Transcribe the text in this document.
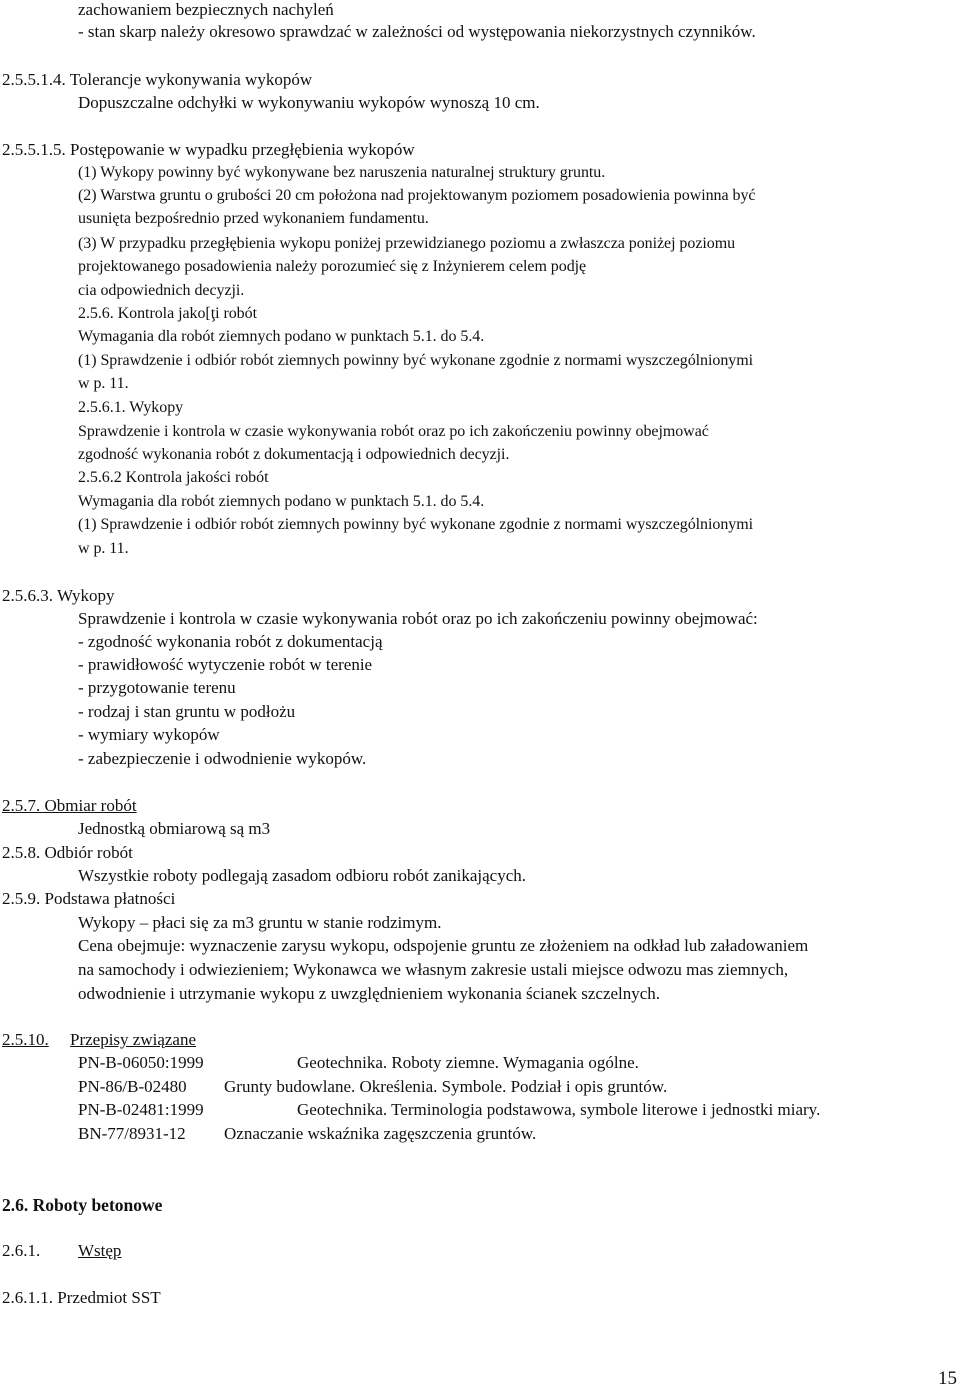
zachowaniem bezpiecznych nachyleń
- stan skarp należy okresowo sprawdzać w zależności od występowania niekorzystnych czynników.
2.5.5.1.4. Tolerancje wykonywania wykopów
Dopuszczalne odchyłki w wykonywaniu wykopów wynoszą 10 cm.
2.5.5.1.5. Postępowanie w wypadku przegłębienia wykopów
(1) Wykopy powinny być wykonywane bez naruszenia naturalnej struktury gruntu.
(2) Warstwa gruntu o grubości 20 cm położona nad projektowanym poziomem posadowienia powinna być
usunięta bezpośrednio przed wykonaniem fundamentu.
(3) W przypadku przegłębienia wykopu poniżej przewidzianego poziomu a zwłaszcza poniżej poziomu
projektowanego posadowienia należy porozumieć się z Inżynierem celem podję
cia odpowiednich decyzji.
2.5.6. Kontrola jako[ţi robót
Wymagania dla robót ziemnych podano w punktach 5.1. do 5.4.
(1) Sprawdzenie i odbiór robót ziemnych powinny być wykonane zgodnie z normami wyszczególnionymi
w p. 11.
2.5.6.1. Wykopy
Sprawdzenie i kontrola w czasie wykonywania robót oraz po ich zakończeniu powinny obejmować
zgodność wykonania robót z dokumentacją i odpowiednich decyzji.
2.5.6.2 Kontrola jakości robót
Wymagania dla robót ziemnych podano w punktach 5.1. do 5.4.
(1) Sprawdzenie i odbiór robót ziemnych powinny być wykonane zgodnie z normami wyszczególnionymi
w p. 11.
2.5.6.3. Wykopy
Sprawdzenie i kontrola w czasie wykonywania robót oraz po ich zakończeniu powinny obejmować:
- zgodność wykonania robót z dokumentacją
- prawidłowość wytyczenie robót w terenie
- przygotowanie terenu
- rodzaj i stan gruntu w podłożu
- wymiary wykopów
- zabezpieczenie i odwodnienie wykopów.
2.5.7. Obmiar robót
Jednostką obmiarową są m3
2.5.8. Odbiór robót
Wszystkie roboty podlegają zasadom odbioru robót zanikających.
2.5.9. Podstawa płatności
Wykopy – płaci się za m3 gruntu w stanie rodzimym.
Cena obejmuje: wyznaczenie zarysu wykopu, odspojenie gruntu ze złożeniem na odkład lub załadowaniem
na samochody i odwiezieniem; Wykonawca we własnym zakresie ustali miejsce odwozu mas ziemnych,
odwodnienie i utrzymanie wykopu z uwzględnieniem wykonania ścianek szczelnych.
2.5.10. Przepisy związane
PN-B-06050:1999	Geotechnika. Roboty ziemne. Wymagania ogólne.
PN-86/B-02480 Grunty budowlane. Określenia. Symbole. Podział i opis gruntów.
PN-B-02481:1999	Geotechnika. Terminologia podstawowa, symbole literowe i jednostki miary.
BN-77/8931-12 Oznaczanie wskaźnika zagęszczenia gruntów.
2.6. Roboty betonowe
2.6.1. Wstęp
2.6.1.1. Przedmiot SST
15
